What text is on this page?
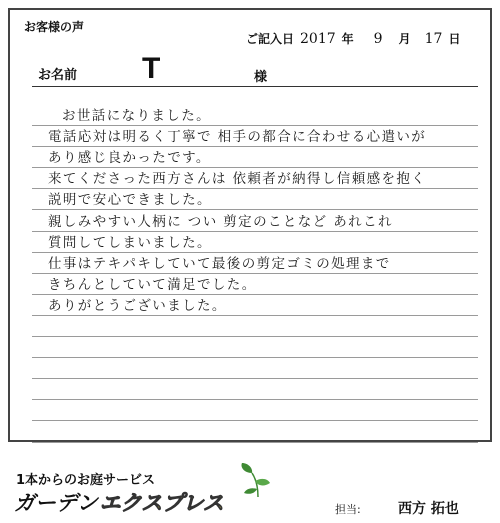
お客様の声
ご記入日 2017 年 9 月 17 日
お名前 T	様
お世話になりました。
電話応対は明るく丁寧で 相手の都合に合わせる心遣いが
あり感じ良かったです。
来てくださった西方さんは 依頼者が納得し信頼感を抱く
説明で安心できました。
親しみやすい人柄に つい 剪定のことなど あれこれ
質問してしまいました。
仕事はテキパキしていて最後の剪定ゴミの処理まで
きちんとしていて満足でした。
ありがとうございました。
1本からのお庭サービス
ガーデンエクスプレス	担当:	西方 拓也
